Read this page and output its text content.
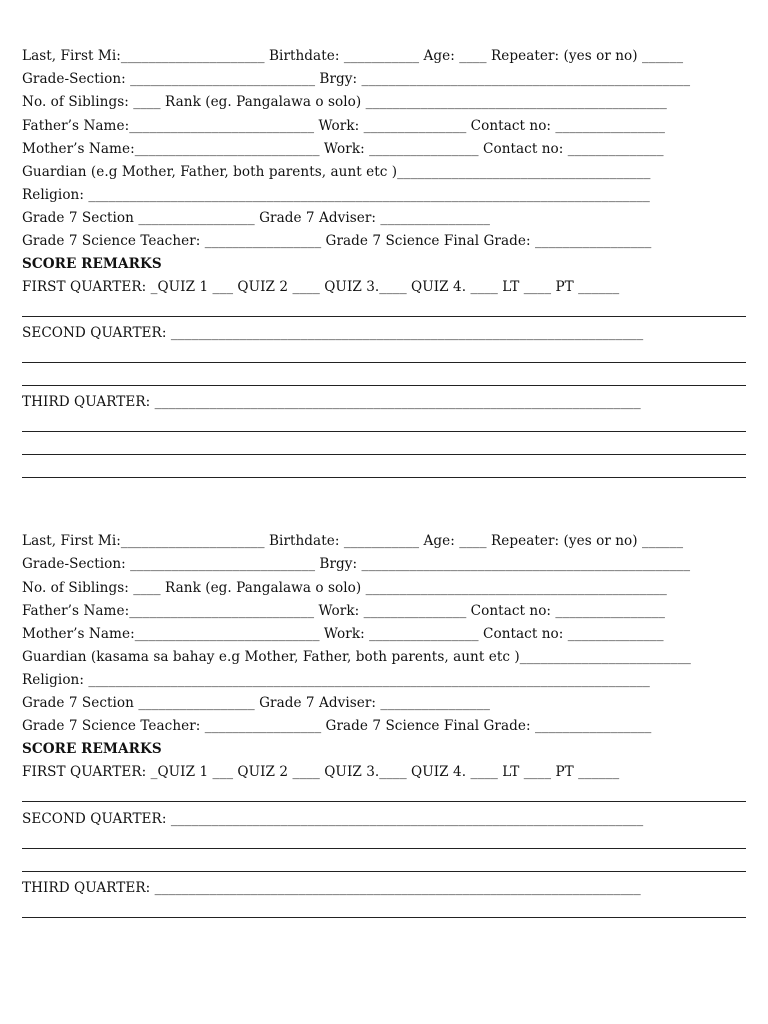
Last, First Mi:_____________________ Birthdate: ___________ Age: ____ Repeater: (yes or no) ______
Grade-Section: ___________________________ Brgy: ________________________________________________
No. of Siblings: ____ Rank (eg. Pangalawa o solo) ____________________________________________
Father’s Name:___________________________ Work: _______________ Contact no: ________________
Mother’s Name:___________________________ Work: ________________ Contact no: ______________
Guardian (e.g Mother, Father, both parents, aunt etc )_____________________________________
Religion: __________________________________________________________________________________
Grade 7 Section _________________ Grade 7 Adviser: ________________
Grade 7 Science Teacher: _________________ Grade 7 Science Final Grade: _________________
SCORE REMARKS
FIRST QUARTER: _QUIZ 1 ___ QUIZ 2 ____ QUIZ 3.____ QUIZ 4. ____ LT ____ PT ______
SECOND QUARTER: _____________________________________________________________________
THIRD QUARTER: _______________________________________________________________________
Last, First Mi:_____________________ Birthdate: ___________ Age: ____ Repeater: (yes or no) ______
Grade-Section: ___________________________ Brgy: ________________________________________________
No. of Siblings: ____ Rank (eg. Pangalawa o solo) ____________________________________________
Father’s Name:___________________________ Work: _______________ Contact no: ________________
Mother’s Name:___________________________ Work: ________________ Contact no: ______________
Guardian (kasama sa bahay e.g Mother, Father, both parents, aunt etc )_________________________
Religion: __________________________________________________________________________________
Grade 7 Section _________________ Grade 7 Adviser: ________________
Grade 7 Science Teacher: _________________ Grade 7 Science Final Grade: _________________
SCORE REMARKS
FIRST QUARTER: _QUIZ 1 ___ QUIZ 2 ____ QUIZ 3.____ QUIZ 4. ____ LT ____ PT ______
SECOND QUARTER: _____________________________________________________________________
THIRD QUARTER: _______________________________________________________________________
